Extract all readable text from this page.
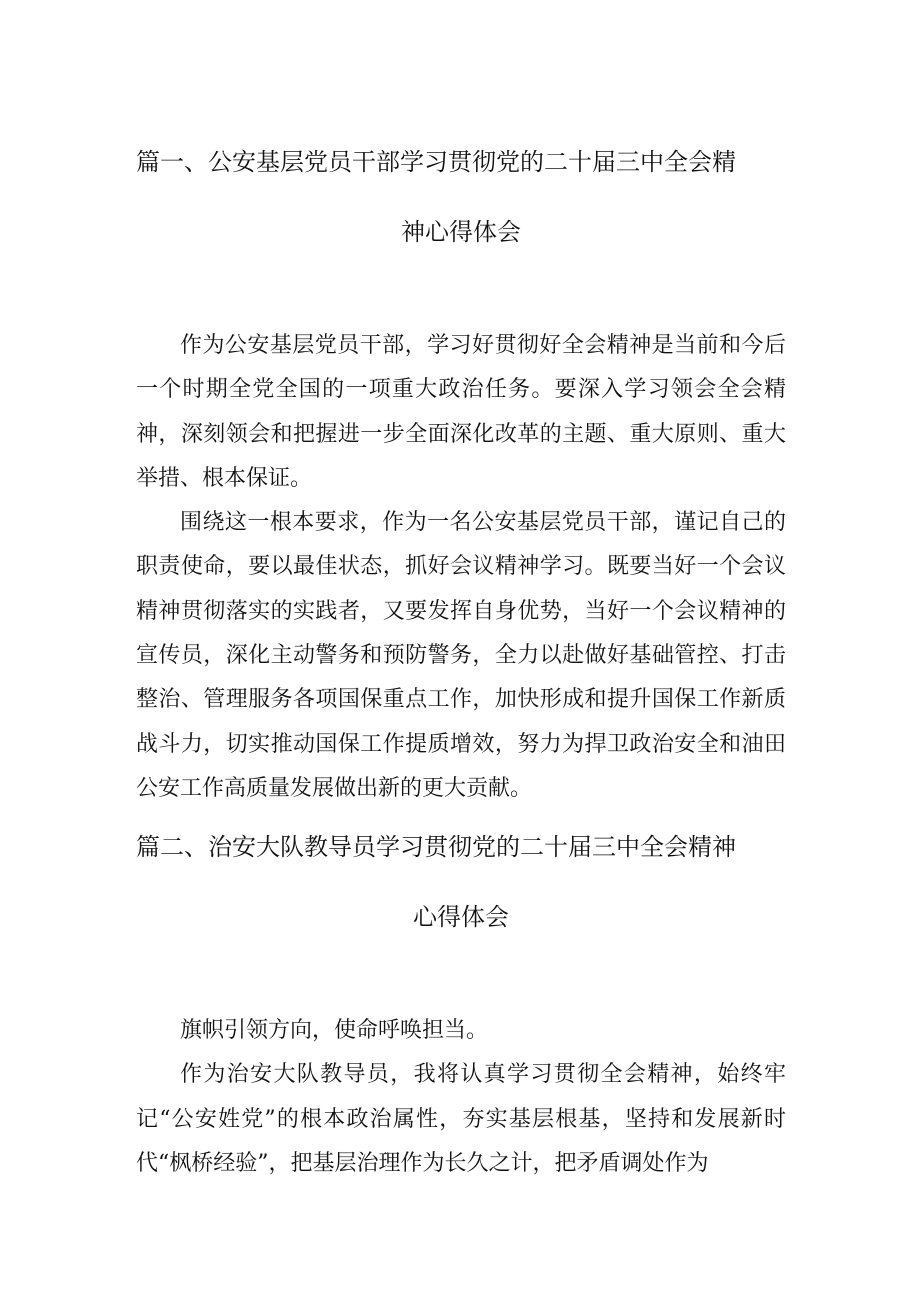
篇一、公安基层党员干部学习贯彻党的二十届三中全会精
神心得体会

作为公安基层党员干部，学习好贯彻好全会精神是当前和今后一个时期全党全国的一项重大政治任务。要深入学习领会全会精神，深刻领会和把握进一步全面深化改革的主题、重大原则、重大举措、根本保证。

围绕这一根本要求，作为一名公安基层党员干部，谨记自己的职责使命，要以最佳状态，抓好会议精神学习。既要当好一个会议精神贯彻落实的实践者，又要发挥自身优势，当好一个会议精神的宣传员，深化主动警务和预防警务，全力以赴做好基础管控、打击整治、管理服务各项国保重点工作，加快形成和提升国保工作新质战斗力，切实推动国保工作提质增效，努力为捍卫政治安全和油田公安工作高质量发展做出新的更大贡献。

篇二、治安大队教导员学习贯彻党的二十届三中全会精神
心得体会

旗帜引领方向，使命呼唤担当。

作为治安大队教导员，我将认真学习贯彻全会精神，始终牢记“公安姓党”的根本政治属性，夯实基层根基，坚持和发展新时代“枫桥经验”，把基层治理作为长久之计，把矛盾调处作为
